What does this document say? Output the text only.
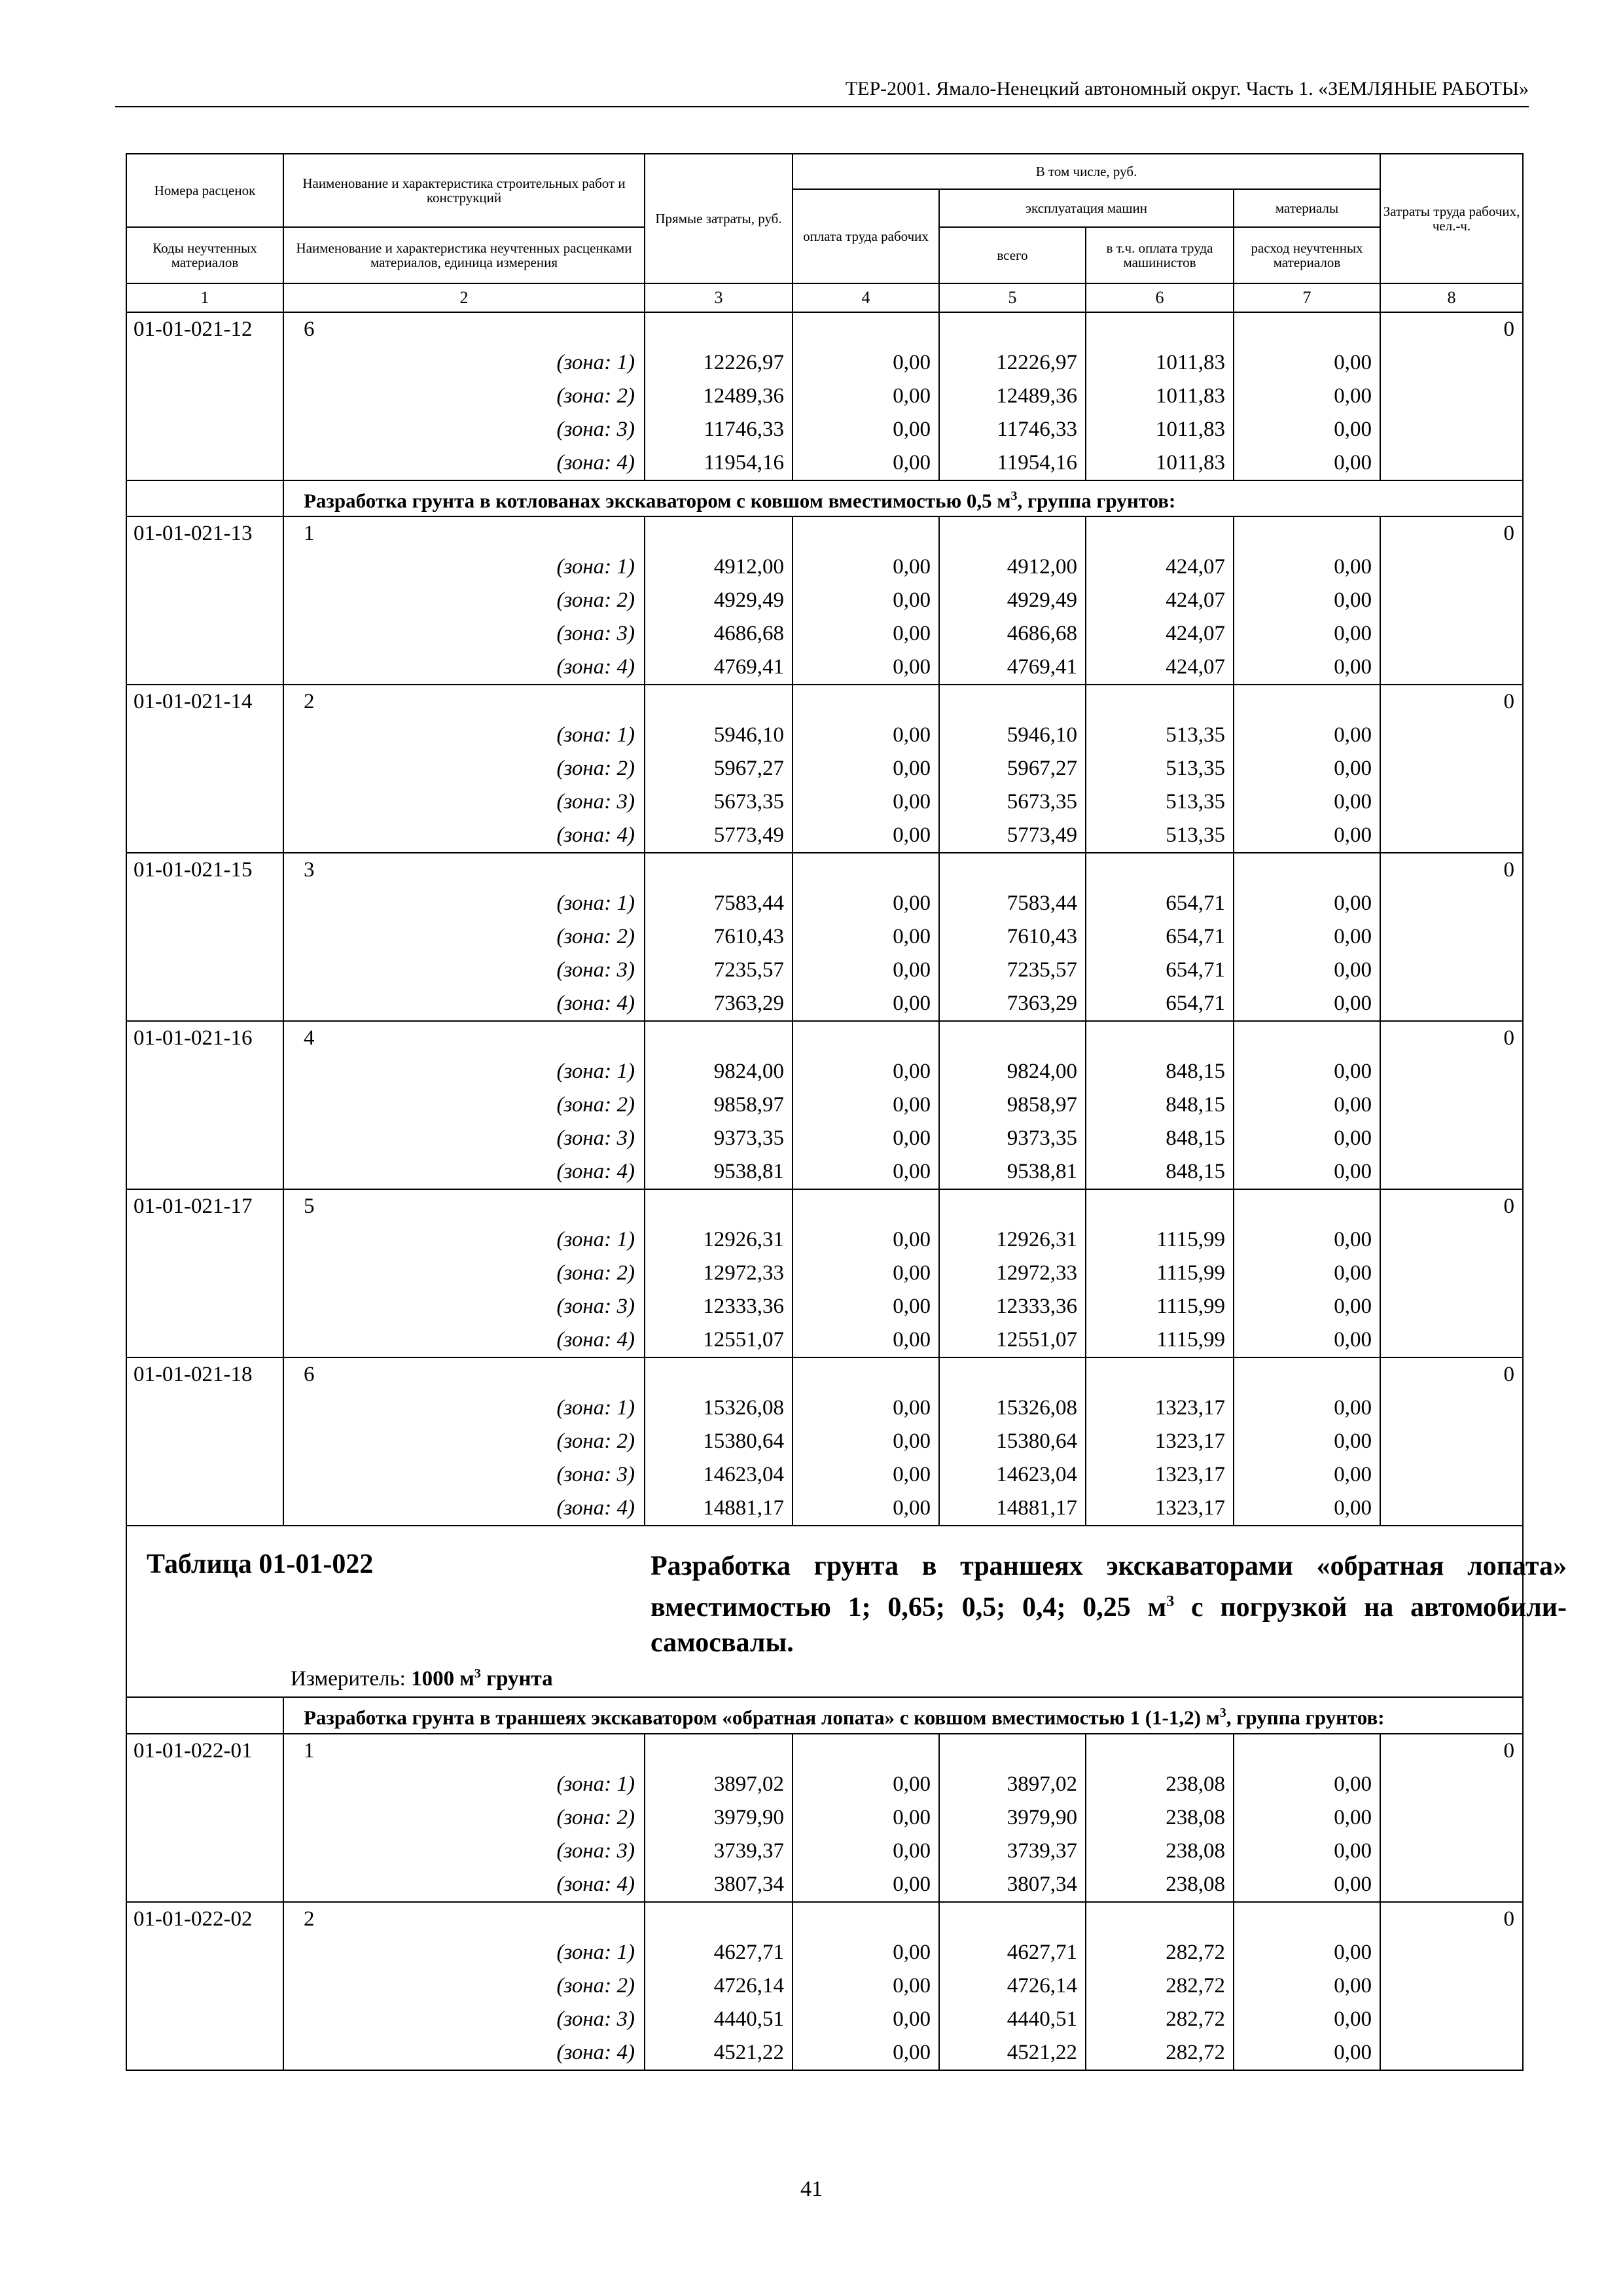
ТЕР-2001. Ямало-Ненецкий автономный округ. Часть 1. «ЗЕМЛЯНЫЕ РАБОТЫ»
Номера расценок	Наименование и характеристика строительных работ и конструкций	Прямые затраты, руб.	В том числе, руб.				Затраты труда рабочих, чел.-ч.
			оплата труда рабочих	эксплуатация машин		материалы	
Коды неучтенных материалов	Наименование и характеристика неучтенных расценками материалов, единица измерения			всего	в т.ч. оплата труда машинистов	расход неучтенных материалов	
1	2	3	4	5	6	7	8
01-01-021-12	6						0
	(зона: 1)	12226,97	0,00	12226,97	1011,83	0,00	
	(зона: 2)	12489,36	0,00	12489,36	1011,83	0,00	
	(зона: 3)	11746,33	0,00	11746,33	1011,83	0,00	
	(зона: 4)	11954,16	0,00	11954,16	1011,83	0,00	
	Разработка грунта в котлованах экскаватором с ковшом вместимостью 0,5 $м^3$, группа грунтов:						
01-01-021-13	1						0
	(зона: 1)	4912,00	0,00	4912,00	424,07	0,00	
	(зона: 2)	4929,49	0,00	4929,49	424,07	0,00	
	(зона: 3)	4686,68	0,00	4686,68	424,07	0,00	
	(зона: 4)	4769,41	0,00	4769,41	424,07	0,00	
01-01-021-14	2						0
	(зона: 1)	5946,10	0,00	5946,10	513,35	0,00	
	(зона: 2)	5967,27	0,00	5967,27	513,35	0,00	
	(зона: 3)	5673,35	0,00	5673,35	513,35	0,00	
	(зона: 4)	5773,49	0,00	5773,49	513,35	0,00	
01-01-021-15	3						0
	(зона: 1)	7583,44	0,00	7583,44	654,71	0,00	
	(зона: 2)	7610,43	0,00	7610,43	654,71	0,00	
	(зона: 3)	7235,57	0,00	7235,57	654,71	0,00	
	(зона: 4)	7363,29	0,00	7363,29	654,71	0,00	
01-01-021-16	4						0
	(зона: 1)	9824,00	0,00	9824,00	848,15	0,00	
	(зона: 2)	9858,97	0,00	9858,97	848,15	0,00	
	(зона: 3)	9373,35	0,00	9373,35	848,15	0,00	
	(зона: 4)	9538,81	0,00	9538,81	848,15	0,00	
01-01-021-17	5						0
	(зона: 1)	12926,31	0,00	12926,31	1115,99	0,00	
	(зона: 2)	12972,33	0,00	12972,33	1115,99	0,00	
	(зона: 3)	12333,36	0,00	12333,36	1115,99	0,00	
	(зона: 4)	12551,07	0,00	12551,07	1115,99	0,00	
01-01-021-18	6						0
	(зона: 1)	15326,08	0,00	15326,08	1323,17	0,00	
	(зона: 2)	15380,64	0,00	15380,64	1323,17	0,00	
	(зона: 3)	14623,04	0,00	14623,04	1323,17	0,00	
	(зона: 4)	14881,17	0,00	14881,17	1323,17	0,00	

Таблица 01-01-022 Разработка грунта в траншеях экскаваторами «обратная лопата» вместимостью 1; 0,65; 0,5; 0,4; 0,25 $м^3$ с погрузкой на автомобили-самосвалы.
Измеритель: 1000 $м^3$ грунта							

	Разработка грунта в траншеях экскаватором «обратная лопата» с ковшом вместимостью 1 (1-1,2) $м^3$, группа грунтов:						
01-01-022-01	1						0
	(зона: 1)	3897,02	0,00	3897,02	238,08	0,00	
	(зона: 2)	3979,90	0,00	3979,90	238,08	0,00	
	(зона: 3)	3739,37	0,00	3739,37	238,08	0,00	
	(зона: 4)	3807,34	0,00	3807,34	238,08	0,00	
01-01-022-02	2						0
	(зона: 1)	4627,71	0,00	4627,71	282,72	0,00	
	(зона: 2)	4726,14	0,00	4726,14	282,72	0,00	
	(зона: 3)	4440,51	0,00	4440,51	282,72	0,00	
	(зона: 4)	4521,22	0,00	4521,22	282,72	0,00	
41
